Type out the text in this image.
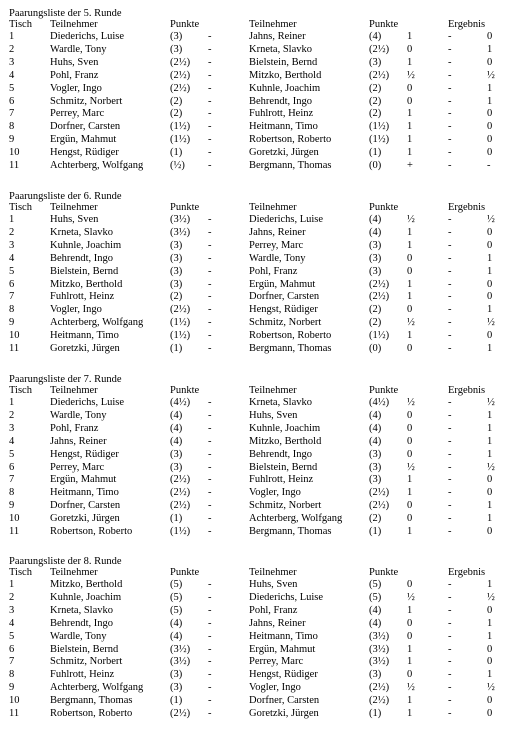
Paarungsliste der 5. Runde
Tisch Teilnehmer	Punkte	Teilnehmer	Punkte	Ergebnis
1	Diederichs, Luise	(3) -	Jahns, Reiner	(4) 1	-	0
2	Wardle, Tony	(3) -	Krneta, Slavko	(2½) 0	-	1
3	Huhs, Sven	(2½) -	Bielstein, Bernd	(3) 1	-	0
4	Pohl, Franz	(2½) -	Mitzko, Berthold	(2½) ½	-	½
5	Vogler, Ingo	(2½) -	Kuhnle, Joachim	(2) 0	-	1
6	Schmitz, Norbert	(2) -	Behrendt, Ingo	(2) 0	-	1
7	Perrey, Marc	(2) -	Fuhlrott, Heinz	(2) 1	-	0
8	Dorfner, Carsten	(1½) -	Heitmann, Timo	(1½) 1	-	0
9	Ergün, Mahmut	(1½) -	Robertson, Roberto	(1½) 1	-	0
10	Hengst, Rüdiger	(1) -	Goretzki, Jürgen	(1) 1	-	0
11	Achterberg, Wolfgang	(½) -	Bergmann, Thomas	(0) +	-	-
Paarungsliste der 6. Runde
Tisch Teilnehmer	Punkte	Teilnehmer	Punkte	Ergebnis
1	Huhs, Sven	(3½) -	Diederichs, Luise	(4) ½	-	½
2	Krneta, Slavko	(3½) -	Jahns, Reiner	(4) 1	-	0
3	Kuhnle, Joachim	(3) -	Perrey, Marc	(3) 1	-	0
4	Behrendt, Ingo	(3) -	Wardle, Tony	(3) 0	-	1
5	Bielstein, Bernd	(3) -	Pohl, Franz	(3) 0	-	1
6	Mitzko, Berthold	(3) -	Ergün, Mahmut	(2½) 1	-	0
7	Fuhlrott, Heinz	(2) -	Dorfner, Carsten	(2½) 1	-	0
8	Vogler, Ingo	(2½) -	Hengst, Rüdiger	(2) 0	-	1
9	Achterberg, Wolfgang	(1½) -	Schmitz, Norbert	(2) ½	-	½
10	Heitmann, Timo	(1½) -	Robertson, Roberto	(1½) 1	-	0
11	Goretzki, Jürgen	(1) -	Bergmann, Thomas	(0) 0	-	1
Paarungsliste der 7. Runde
Tisch Teilnehmer	Punkte	Teilnehmer	Punkte	Ergebnis
1	Diederichs, Luise	(4½) -	Krneta, Slavko	(4½) ½	-	½
2	Wardle, Tony	(4) -	Huhs, Sven	(4) 0	-	1
3	Pohl, Franz	(4) -	Kuhnle, Joachim	(4) 0	-	1
4	Jahns, Reiner	(4) -	Mitzko, Berthold	(4) 0	-	1
5	Hengst, Rüdiger	(3) -	Behrendt, Ingo	(3) 0	-	1
6	Perrey, Marc	(3) -	Bielstein, Bernd	(3) ½	-	½
7	Ergün, Mahmut	(2½) -	Fuhlrott, Heinz	(3) 1	-	0
8	Heitmann, Timo	(2½) -	Vogler, Ingo	(2½) 1	-	0
9	Dorfner, Carsten	(2½) -	Schmitz, Norbert	(2½) 0	-	1
10	Goretzki, Jürgen	(1) -	Achterberg, Wolfgang	(2) 0	-	1
11	Robertson, Roberto	(1½) -	Bergmann, Thomas	(1) 1	-	0
Paarungsliste der 8. Runde
Tisch Teilnehmer	Punkte	Teilnehmer	Punkte	Ergebnis
1	Mitzko, Berthold	(5) -	Huhs, Sven	(5) 0	-	1
2	Kuhnle, Joachim	(5) -	Diederichs, Luise	(5) ½	-	½
3	Krneta, Slavko	(5) -	Pohl, Franz	(4) 1	-	0
4	Behrendt, Ingo	(4) -	Jahns, Reiner	(4) 0	-	1
5	Wardle, Tony	(4) -	Heitmann, Timo	(3½) 0	-	1
6	Bielstein, Bernd	(3½) -	Ergün, Mahmut	(3½) 1	-	0
7	Schmitz, Norbert	(3½) -	Perrey, Marc	(3½) 1	-	0
8	Fuhlrott, Heinz	(3) -	Hengst, Rüdiger	(3) 0	-	1
9	Achterberg, Wolfgang	(3) -	Vogler, Ingo	(2½) ½	-	½
10	Bergmann, Thomas	(1) -	Dorfner, Carsten	(2½) 1	-	0
11	Robertson, Roberto	(2½) -	Goretzki, Jürgen	(1) 1	-	0
